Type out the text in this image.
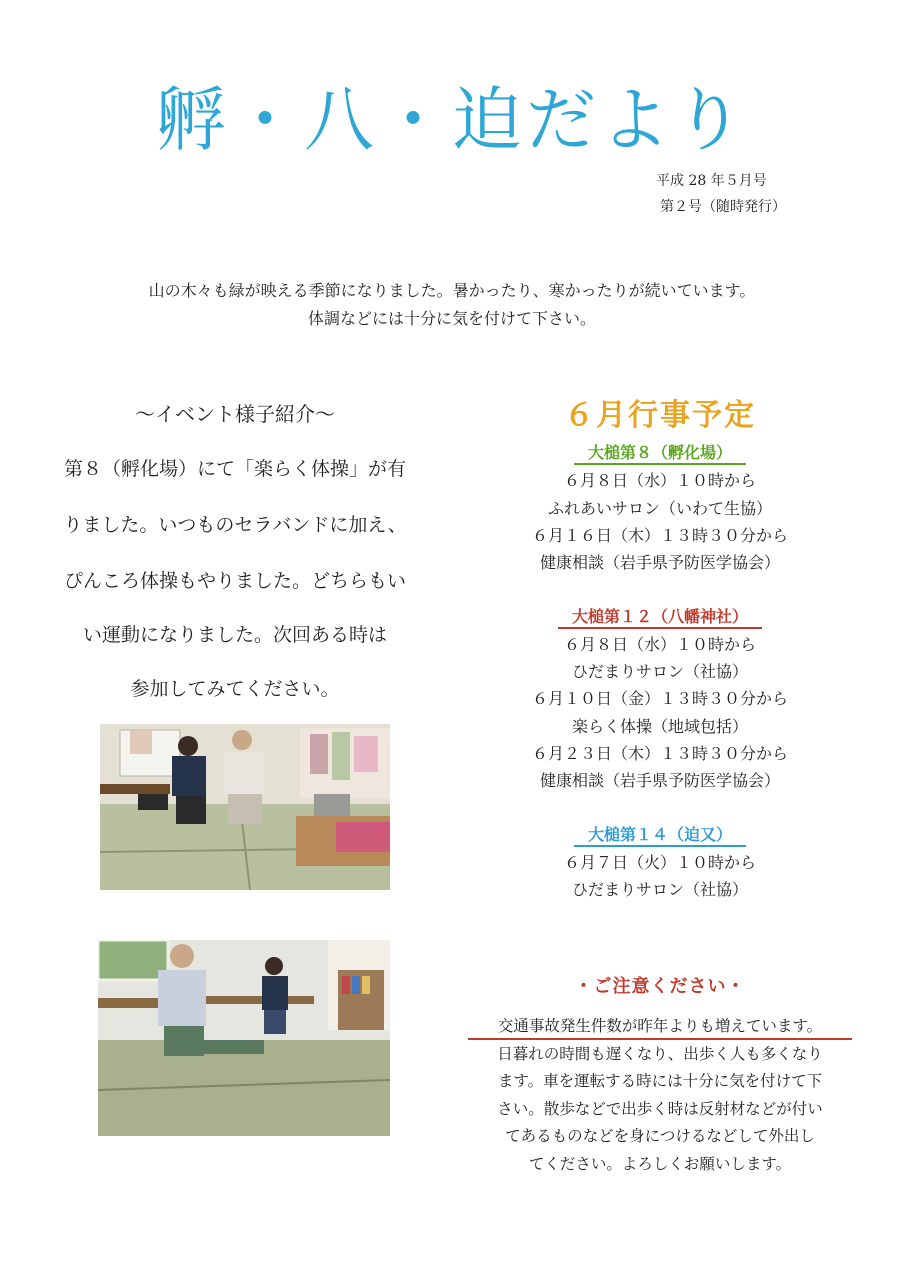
孵・八・迫だより
平成 28 年５月号
第２号（随時発行）
山の木々も緑が映える季節になりました。暑かったり、寒かったりが続いています。
体調などには十分に気を付けて下さい。
〜イベント様子紹介〜
第８（孵化場）にて「楽らく体操」が有
りました。いつものセラバンドに加え、
ぴんころ体操もやりました。どちらもい
い運動になりました。次回ある時は
参加してみてください。
６月行事予定
大槌第８（孵化場）
６月８日（水）１０時から
ふれあいサロン（いわて生協）
６月１６日（木）１３時３０分から
健康相談（岩手県予防医学協会）
大槌第１２（八幡神社）
６月８日（水）１０時から
ひだまりサロン（社協）
６月１０日（金）１３時３０分から
楽らく体操（地域包括）
６月２３日（木）１３時３０分から
健康相談（岩手県予防医学協会）
大槌第１４（迫又）
６月７日（火）１０時から
ひだまりサロン（社協）
・ご注意ください・
交通事故発生件数が昨年よりも増えています。
日暮れの時間も遅くなり、出歩く人も多くなり
ます。車を運転する時には十分に気を付けて下
さい。散歩などで出歩く時は反射材などが付い
てあるものなどを身につけるなどして外出し
てください。よろしくお願いします。
